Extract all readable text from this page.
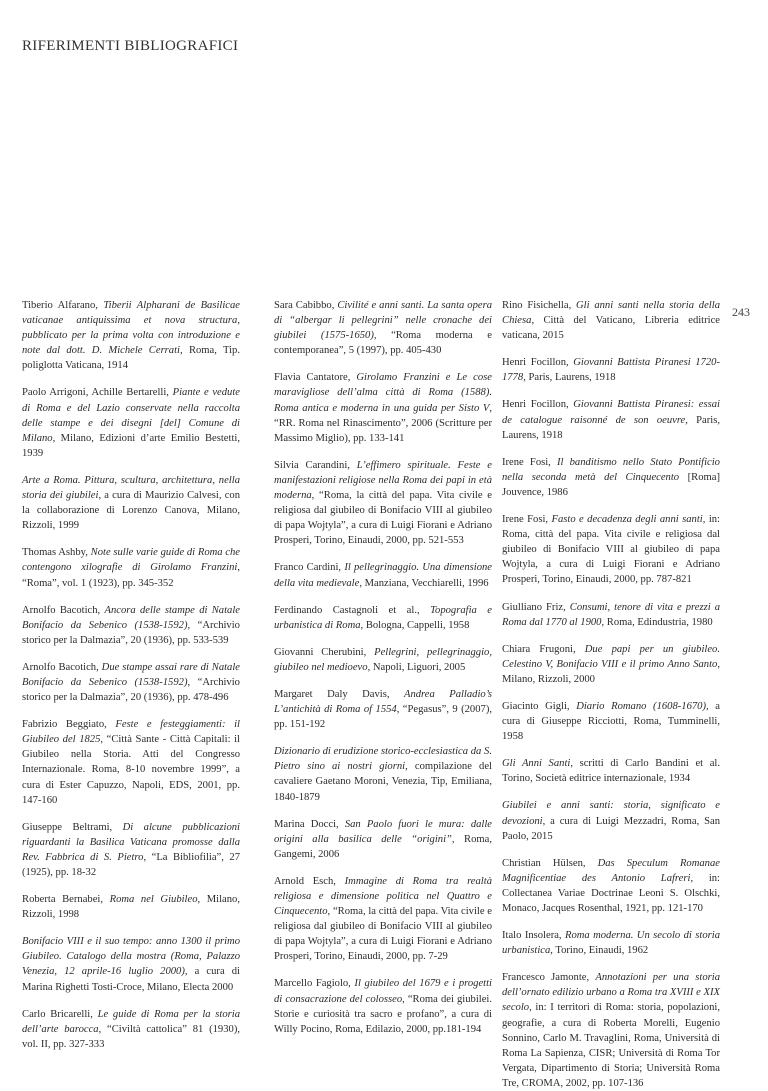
RIFERIMENTI BIBLIOGRAFICI
243

Tiberio Alfarano, Tiberii Alpharani de Basilicae vaticanae antiquissima et nova structura, pubblicato per la prima volta con introduzione e note dal dott. D. Michele Cerrati, Roma, Tip. poliglotta Vaticana, 1914

Paolo Arrigoni, Achille Bertarelli, Piante e vedute di Roma e del Lazio conservate nella raccolta delle stampe e dei disegni [del] Comune di Milano, Milano, Edizioni d’arte Emilio Bestetti, 1939

Arte a Roma. Pittura, scultura, architettura, nella storia dei giubilei, a cura di Maurizio Calvesi, con la collaborazione di Lorenzo Canova, Milano, Rizzoli, 1999

Thomas Ashby, Note sulle varie guide di Roma che contengono xilografie di Girolamo Franzini, “Roma”, vol. 1 (1923), pp. 345-352

Arnolfo Bacotich, Ancora delle stampe di Natale Bonifacio da Sebenico (1538-1592), “Archivio storico per la Dalmazia”, 20 (1936), pp. 533-539

Arnolfo Bacotich, Due stampe assai rare di Natale Bonifacio da Sebenico (1538-1592), “Archivio storico per la Dalmazia”, 20 (1936), pp. 478-496

Fabrizio Beggiato, Feste e festeggiamenti: il Giubileo del 1825, “Città Sante - Città Capitali: il Giubileo nella Storia. Atti del Congresso Internazionale. Roma, 8-10 novembre 1999”, a cura di Ester Capuzzo, Napoli, EDS, 2001, pp. 147-160

Giuseppe Beltrami, Di alcune pubblicazioni riguardanti la Basilica Vaticana promosse dalla Rev. Fabbrica di S. Pietro, “La Bibliofilia”, 27 (1925), pp. 18-32

Roberta Bernabei, Roma nel Giubileo, Milano, Rizzoli, 1998

Bonifacio VIII e il suo tempo: anno 1300 il primo Giubileo. Catalogo della mostra (Roma, Palazzo Venezia, 12 aprile-16 luglio 2000), a cura di Marina Righetti Tosti-Croce, Milano, Electa 2000

Carlo Bricarelli, Le guide di Roma per la storia dell’arte barocca, “Civiltà cattolica” 81 (1930), vol. II, pp. 327-333

Sara Cabibbo, Civilité e anni santi. La santa opera di “albergar li pellegrini” nelle cronache dei giubilei (1575-1650), “Roma moderna e contemporanea”, 5 (1997), pp. 405-430

Flavia Cantatore, Girolamo Franzini e Le cose maravigliose dell’alma città di Roma (1588). Roma antica e moderna in una guida per Sisto V, “RR. Roma nel Rinascimento”, 2006 (Scritture per Massimo Miglio), pp. 133-141

Silvia Carandini, L’effimero spirituale. Feste e manifestazioni religiose nella Roma dei papi in età moderna, “Roma, la città del papa. Vita civile e religiosa dal giubileo di Bonifacio VIII al giubileo di papa Wojtyla”, a cura di Luigi Fiorani e Adriano Prosperi, Torino, Einaudi, 2000, pp. 521-553

Franco Cardini, Il pellegrinaggio. Una dimensione della vita medievale, Manziana, Vecchiarelli, 1996

Ferdinando Castagnoli et al., Topografia e urbanistica di Roma, Bologna, Cappelli, 1958

Giovanni Cherubini, Pellegrini, pellegrinaggio, giubileo nel medioevo, Napoli, Liguori, 2005

Margaret Daly Davis, Andrea Palladio’s L’antichità di Roma of 1554, “Pegasus”, 9 (2007), pp. 151-192

Dizionario di erudizione storico-ecclesiastica da S. Pietro sino ai nostri giorni, compilazione del cavaliere Gaetano Moroni, Venezia, Tip, Emiliana, 1840-1879

Marina Docci, San Paolo fuori le mura: dalle origini alla basilica delle “origini”, Roma, Gangemi, 2006

Arnold Esch, Immagine di Roma tra realtà religiosa e dimensione politica nel Quattro e Cinquecento, “Roma, la città del papa. Vita civile e religiosa dal giubileo di Bonifacio VIII al giubileo di papa Wojtyla”, a cura di Luigi Fiorani e Adriano Prosperi, Torino, Einaudi, 2000, pp. 7-29

Marcello Fagiolo, Il giubileo del 1679 e i progetti di consacrazione del colosseo, “Roma dei giubilei. Storie e curiosità tra sacro e profano”, a cura di Willy Pocino, Roma, Edilazio, 2000, pp.181-194

Rino Fisichella, Gli anni santi nella storia della Chiesa, Città del Vaticano, Libreria editrice vaticana, 2015

Henri Focillon, Giovanni Battista Piranesi 1720-1778, Paris, Laurens, 1918

Henri Focillon, Giovanni Battista Piranesi: essai de catalogue raisonné de son oeuvre, Paris, Laurens, 1918

Irene Fosi, Il banditismo nello Stato Pontificio nella seconda metà del Cinquecento [Roma] Jouvence, 1986

Irene Fosi, Fasto e decadenza degli anni santi, in: Roma, città del papa. Vita civile e religiosa dal giubileo di Bonifacio VIII al giubileo di papa Wojtyla, a cura di Luigi Fiorani e Adriano Prosperi, Torino, Einaudi, 2000, pp. 787-821

Giulliano Friz, Consumi, tenore di vita e prezzi a Roma dal 1770 al 1900, Roma, Edindustria, 1980

Chiara Frugoni, Due papi per un giubileo. Celestino V, Bonifacio VIII e il primo Anno Santo, Milano, Rizzoli, 2000

Giacinto Gigli, Diario Romano (1608-1670), a cura di Giuseppe Ricciotti, Roma, Tumminelli, 1958

Gli Anni Santi, scritti di Carlo Bandini et al. Torino, Società editrice internazionale, 1934

Giubilei e anni santi: storia, significato e devozioni, a cura di Luigi Mezzadri, Roma, San Paolo, 2015

Christian Hülsen, Das Speculum Romanae Magnificentiae des Antonio Lafreri, in: Collectanea Variae Doctrinae Leoni S. Olschki, Monaco, Jacques Rosenthal, 1921, pp. 121-170

Italo Insolera, Roma moderna. Un secolo di storia urbanistica, Torino, Einaudi, 1962

Francesco Jamonte, Annotazioni per una storia dell’ornato edilizio urbano a Roma tra XVIII e XIX secolo, in: I territori di Roma: storia, popolazioni, geografie, a cura di Roberta Morelli, Eugenio Sonnino, Carlo M. Travaglini, Roma, Università di Roma La Sapienza, CISR; Università di Roma Tor Vergata, Dipartimento di Storia; Università Roma Tre, CROMA, 2002, pp. 107-136
